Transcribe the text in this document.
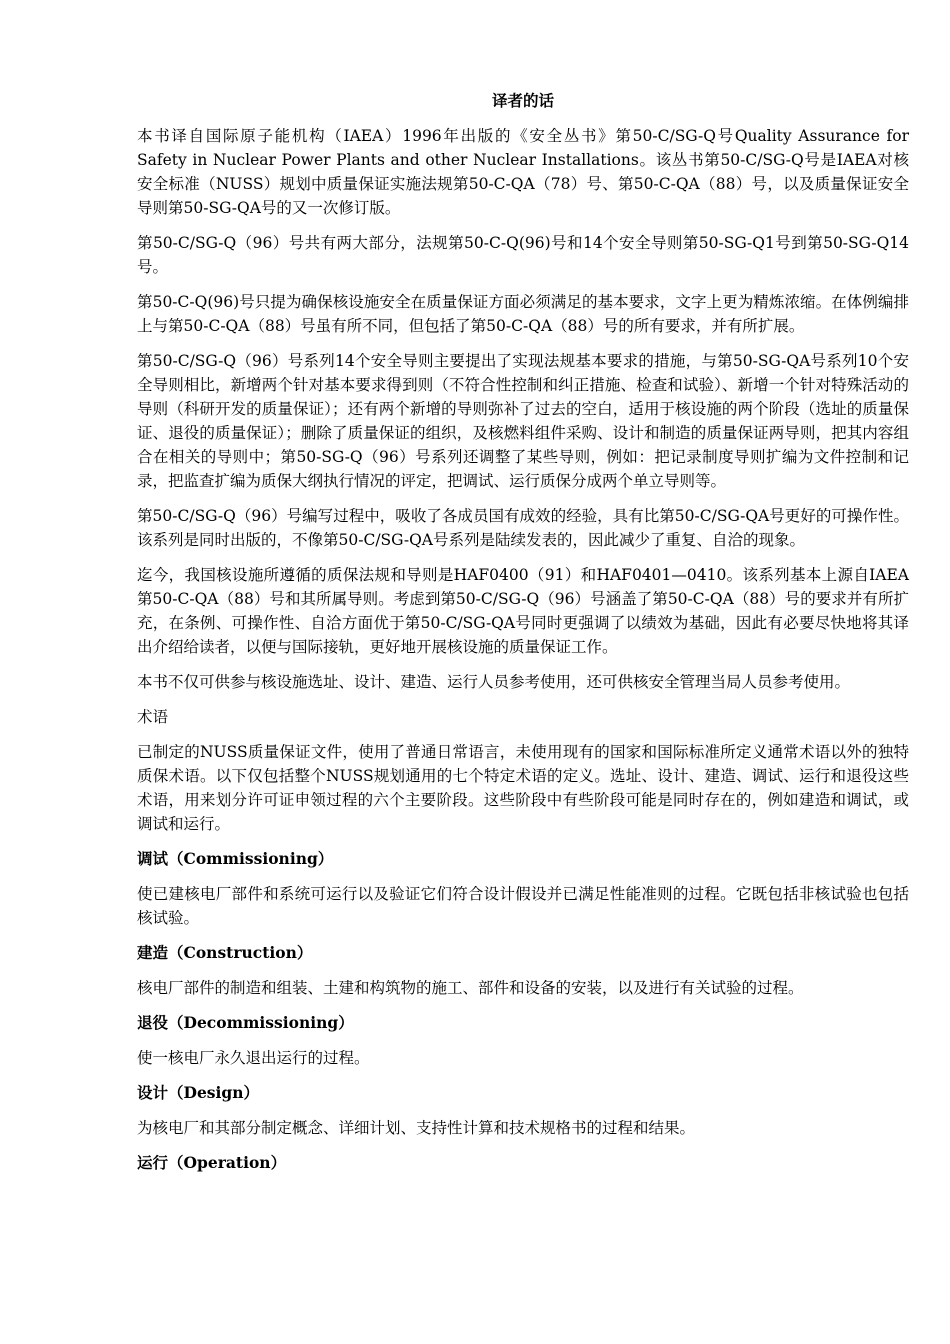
译者的话

本书译自国际原子能机构（IAEA）1996年出版的《安全丛书》第50-C/SG-Q号Quality Assurance for Safety in Nuclear Power Plants and other Nuclear Installations。该丛书第50-C/SG-Q号是IAEA对核安全标准（NUSS）规划中质量保证实施法规第50-C-QA（78）号、第50-C-QA（88）号，以及质量保证安全导则第50-SG-QA号的又一次修订版。

第50-C/SG-Q（96）号共有两大部分，法规第50-C-Q(96)号和14个安全导则第50-SG-Q1号到第50-SG-Q14号。

第50-C-Q(96)号只提为确保核设施安全在质量保证方面必须满足的基本要求，文字上更为精炼浓缩。在体例编排上与第50-C-QA（88）号虽有所不同，但包括了第50-C-QA（88）号的所有要求，并有所扩展。

第50-C/SG-Q（96）号系列14个安全导则主要提出了实现法规基本要求的措施，与第50-SG-QA号系列10个安全导则相比，新增两个针对基本要求得到则（不符合性控制和纠正措施、检查和试验）、新增一个针对特殊活动的导则（科研开发的质量保证）；还有两个新增的导则弥补了过去的空白，适用于核设施的两个阶段（选址的质量保证、退役的质量保证）；删除了质量保证的组织，及核燃料组件采购、设计和制造的质量保证两导则，把其内容组合在相关的导则中；第50-SG-Q（96）号系列还调整了某些导则，例如：把记录制度导则扩编为文件控制和记录，把监查扩编为质保大纲执行情况的评定，把调试、运行质保分成两个单立导则等。

第50-C/SG-Q（96）号编写过程中，吸收了各成员国有成效的经验，具有比第50-C/SG-QA号更好的可操作性。该系列是同时出版的，不像第50-C/SG-QA号系列是陆续发表的，因此减少了重复、自洽的现象。

迄今，我国核设施所遵循的质保法规和导则是HAF0400（91）和HAF0401—0410。该系列基本上源自IAEA第50-C-QA（88）号和其所属导则。考虑到第50-C/SG-Q（96）号涵盖了第50-C-QA（88）号的要求并有所扩充，在条例、可操作性、自洽方面优于第50-C/SG-QA号同时更强调了以绩效为基础，因此有必要尽快地将其译出介绍给读者，以便与国际接轨，更好地开展核设施的质量保证工作。

本书不仅可供参与核设施选址、设计、建造、运行人员参考使用，还可供核安全管理当局人员参考使用。

术语

已制定的NUSS质量保证文件，使用了普通日常语言，未使用现有的国家和国际标准所定义通常术语以外的独特质保术语。以下仅包括整个NUSS规划通用的七个特定术语的定义。选址、设计、建造、调试、运行和退役这些术语，用来划分许可证申领过程的六个主要阶段。这些阶段中有些阶段可能是同时存在的，例如建造和调试，或调试和运行。

调试（Commissioning）

使已建核电厂部件和系统可运行以及验证它们符合设计假设并已满足性能准则的过程。它既包括非核试验也包括核试验。

建造（Construction）

核电厂部件的制造和组装、土建和构筑物的施工、部件和设备的安装，以及进行有关试验的过程。

退役（Decommissioning）

使一核电厂永久退出运行的过程。

设计（Design）

为核电厂和其部分制定概念、详细计划、支持性计算和技术规格书的过程和结果。

运行（Operation）
